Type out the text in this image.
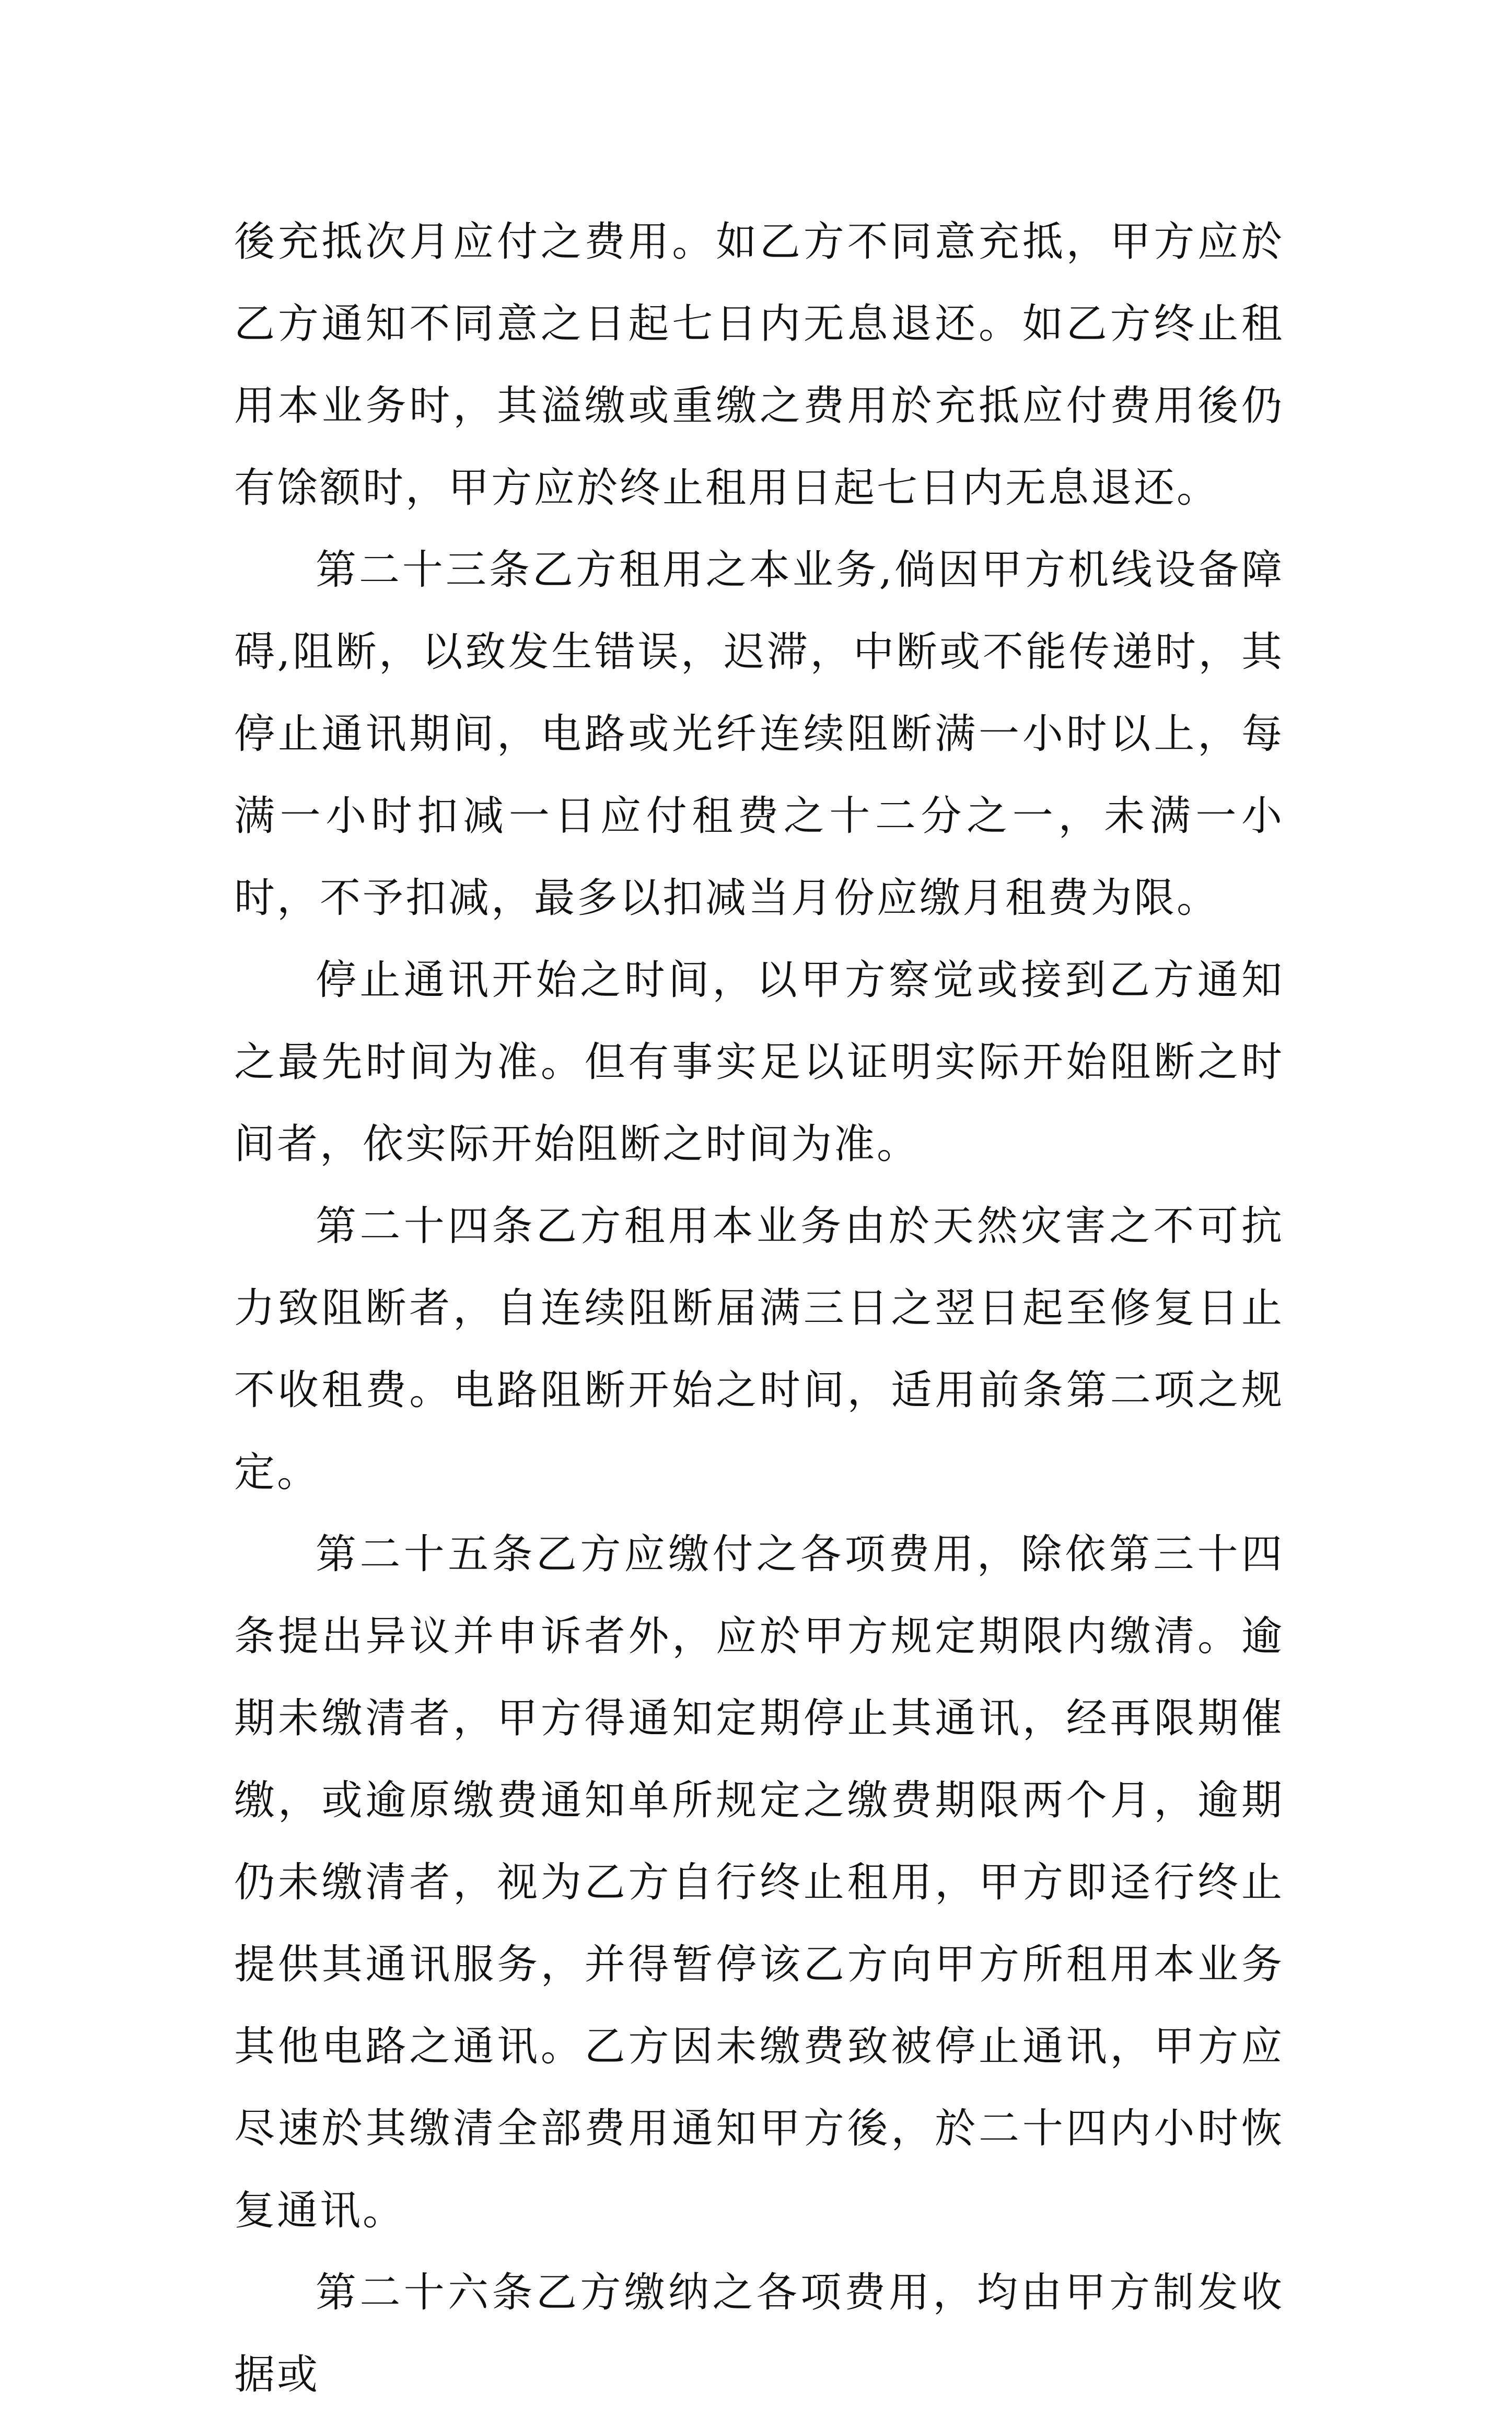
後充抵次月应付之费用。如乙方不同意充抵，甲方应於乙方通知不同意之日起七日内无息退还。如乙方终止租用本业务时，其溢缴或重缴之费用於充抵应付费用後仍有馀额时，甲方应於终止租用日起七日内无息退还。

第二十三条乙方租用之本业务,倘因甲方机线设备障碍,阻断，以致发生错误，迟滞，中断或不能传递时，其停止通讯期间，电路或光纤连续阻断满一小时以上，每满一小时扣减一日应付租费之十二分之一，未满一小时，不予扣减，最多以扣减当月份应缴月租费为限。

停止通讯开始之时间，以甲方察觉或接到乙方通知之最先时间为准。但有事实足以证明实际开始阻断之时间者，依实际开始阻断之时间为准。

第二十四条乙方租用本业务由於天然灾害之不可抗力致阻断者，自连续阻断届满三日之翌日起至修复日止不收租费。电路阻断开始之时间，适用前条第二项之规定。

第二十五条乙方应缴付之各项费用，除依第三十四条提出异议并申诉者外，应於甲方规定期限内缴清。逾期未缴清者，甲方得通知定期停止其通讯，经再限期催缴，或逾原缴费通知单所规定之缴费期限两个月，逾期仍未缴清者，视为乙方自行终止租用，甲方即迳行终止提供其通讯服务，并得暂停该乙方向甲方所租用本业务其他电路之通讯。乙方因未缴费致被停止通讯，甲方应尽速於其缴清全部费用通知甲方後，於二十四内小时恢复通讯。

第二十六条乙方缴纳之各项费用，均由甲方制发收据或
